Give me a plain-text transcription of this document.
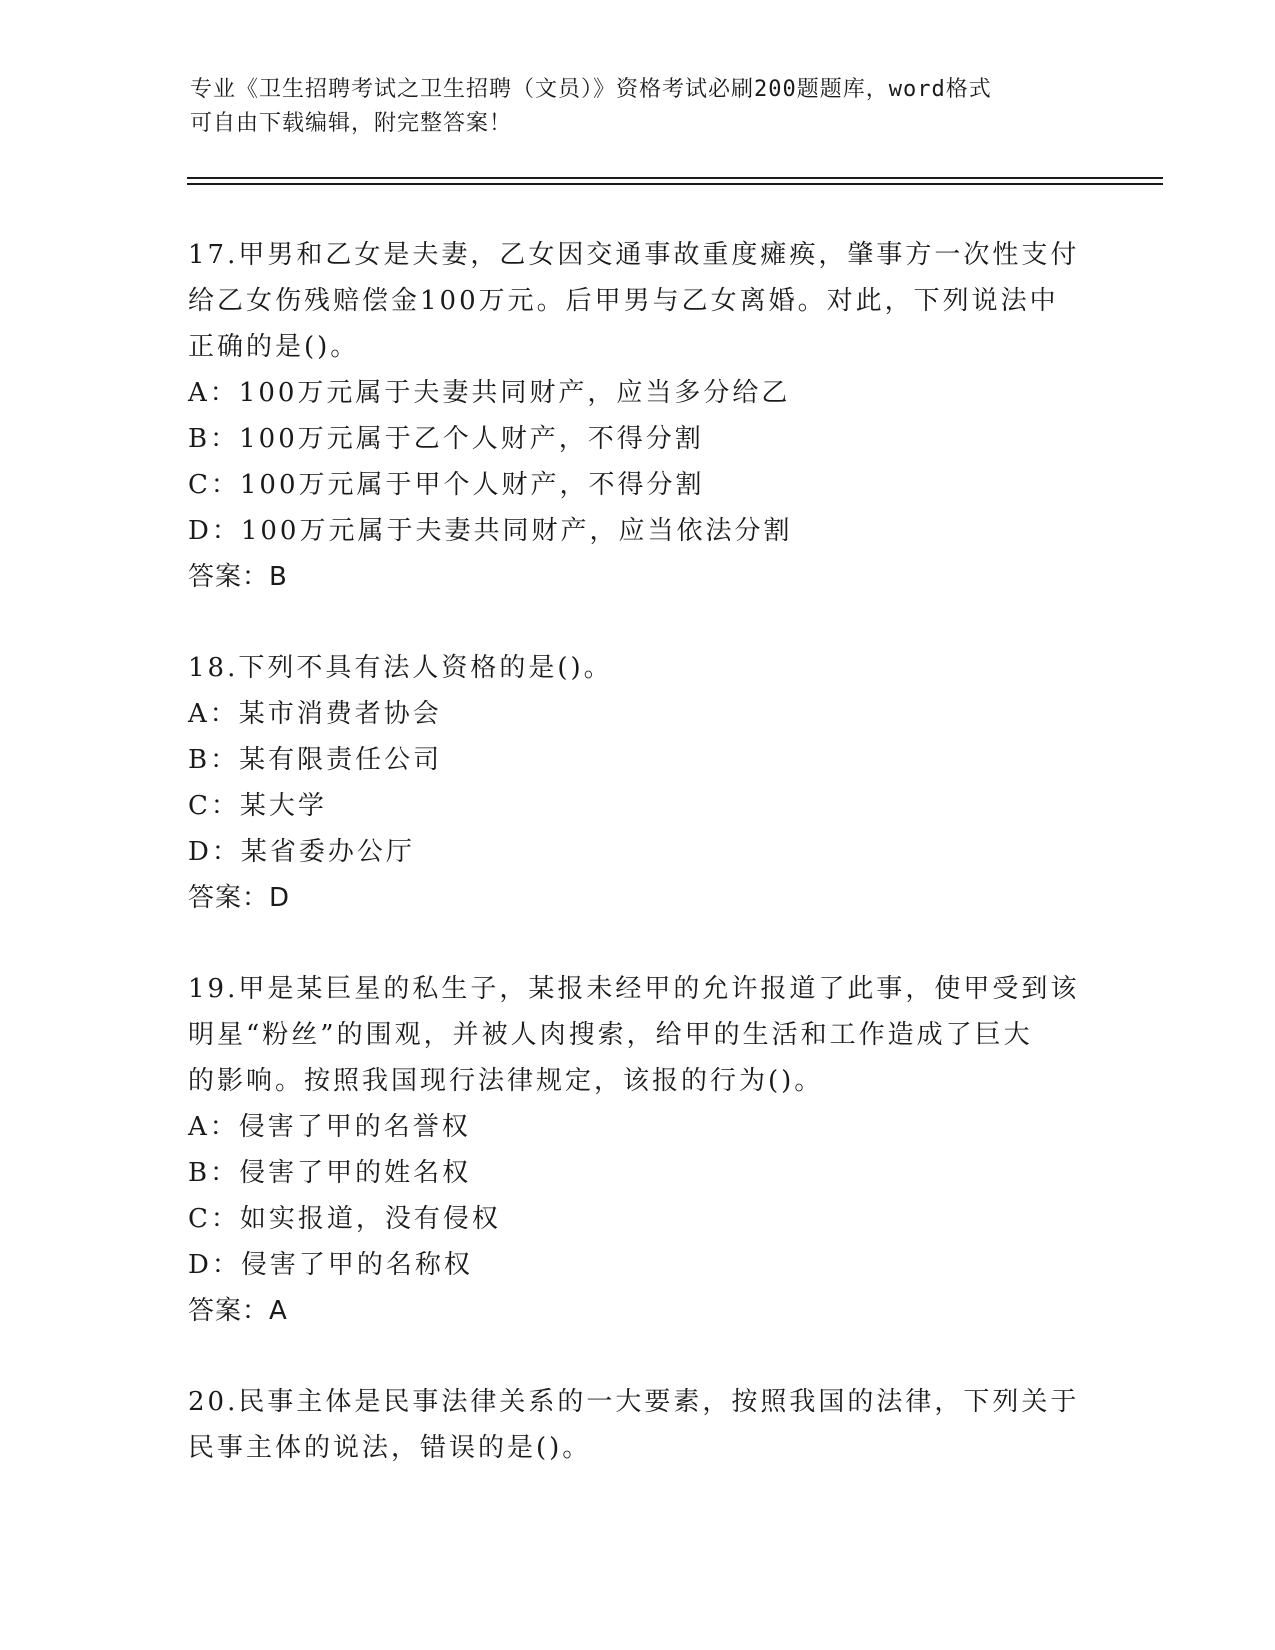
专业《卫生招聘考试之卫生招聘（文员）》资格考试必刷200题题库，word格式
可自由下载编辑，附完整答案！

17.甲男和乙女是夫妻，乙女因交通事故重度瘫痪，肇事方一次性支付

给乙女伤残赔偿金100万元。后甲男与乙女离婚。对此，下列说法中

正确的是()。

A：100万元属于夫妻共同财产，应当多分给乙

B：100万元属于乙个人财产，不得分割

C：100万元属于甲个人财产，不得分割

D：100万元属于夫妻共同财产，应当依法分割

答案：B

18.下列不具有法人资格的是()。

A：某市消费者协会

B：某有限责任公司

C：某大学

D：某省委办公厅

答案：D

19.甲是某巨星的私生子，某报未经甲的允许报道了此事，使甲受到该

明星“粉丝”的围观，并被人肉搜索，给甲的生活和工作造成了巨大

的影响。按照我国现行法律规定，该报的行为()。

A：侵害了甲的名誉权

B：侵害了甲的姓名权

C：如实报道，没有侵权

D：侵害了甲的名称权

答案：A

20.民事主体是民事法律关系的一大要素，按照我国的法律，下列关于

民事主体的说法，错误的是()。
